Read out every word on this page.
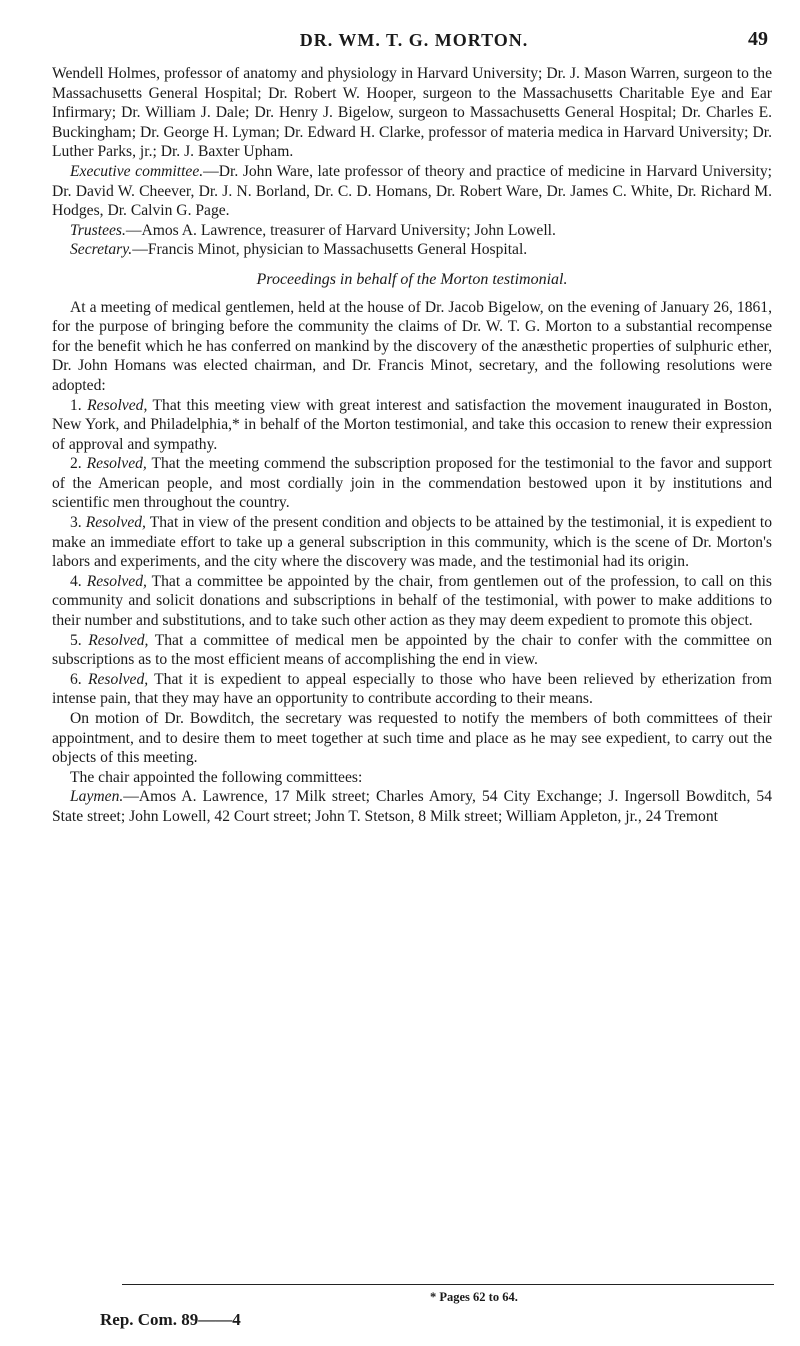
DR. WM. T. G. MORTON.	49

Wendell Holmes, professor of anatomy and physiology in Harvard University; Dr. J. Mason Warren, surgeon to the Massachusetts General Hospital; Dr. Robert W. Hooper, surgeon to the Massachusetts Charitable Eye and Ear Infirmary; Dr. William J. Dale; Dr. Henry J. Bigelow, surgeon to Massachusetts General Hospital; Dr. Charles E. Buckingham; Dr. George H. Lyman; Dr. Edward H. Clarke, professor of materia medica in Harvard University; Dr. Luther Parks, jr.; Dr. J. Baxter Upham.

Executive committee.—Dr. John Ware, late professor of theory and practice of medicine in Harvard University; Dr. David W. Cheever, Dr. J. N. Borland, Dr. C. D. Homans, Dr. Robert Ware, Dr. James C. White, Dr. Richard M. Hodges, Dr. Calvin G. Page.

Trustees.—Amos A. Lawrence, treasurer of Harvard University; John Lowell.

Secretary.—Francis Minot, physician to Massachusetts General Hospital.

Proceedings in behalf of the Morton testimonial.

At a meeting of medical gentlemen, held at the house of Dr. Jacob Bigelow, on the evening of January 26, 1861, for the purpose of bringing before the community the claims of Dr. W. T. G. Morton to a substantial recompense for the benefit which he has conferred on mankind by the discovery of the anæsthetic properties of sulphuric ether, Dr. John Homans was elected chairman, and Dr. Francis Minot, secretary, and the following resolutions were adopted:

1. Resolved, That this meeting view with great interest and satisfaction the movement inaugurated in Boston, New York, and Philadelphia,* in behalf of the Morton testimonial, and take this occasion to renew their expression of approval and sympathy.

2. Resolved, That the meeting commend the subscription proposed for the testimonial to the favor and support of the American people, and most cordially join in the commendation bestowed upon it by institutions and scientific men throughout the country.

3. Resolved, That in view of the present condition and objects to be attained by the testimonial, it is expedient to make an immediate effort to take up a general subscription in this community, which is the scene of Dr. Morton's labors and experiments, and the city where the discovery was made, and the testimonial had its origin.

4. Resolved, That a committee be appointed by the chair, from gentlemen out of the profession, to call on this community and solicit donations and subscriptions in behalf of the testimonial, with power to make additions to their number and substitutions, and to take such other action as they may deem expedient to promote this object.

5. Resolved, That a committee of medical men be appointed by the chair to confer with the committee on subscriptions as to the most efficient means of accomplishing the end in view.

6. Resolved, That it is expedient to appeal especially to those who have been relieved by etherization from intense pain, that they may have an opportunity to contribute according to their means.

On motion of Dr. Bowditch, the secretary was requested to notify the members of both committees of their appointment, and to desire them to meet together at such time and place as he may see expedient, to carry out the objects of this meeting.

The chair appointed the following committees:

Laymen.—Amos A. Lawrence, 17 Milk street; Charles Amory, 54 City Exchange; J. Ingersoll Bowditch, 54 State street; John Lowell, 42 Court street; John T. Stetson, 8 Milk street; William Appleton, jr., 24 Tremont

* Pages 62 to 64.
Rep. Com. 89——4
